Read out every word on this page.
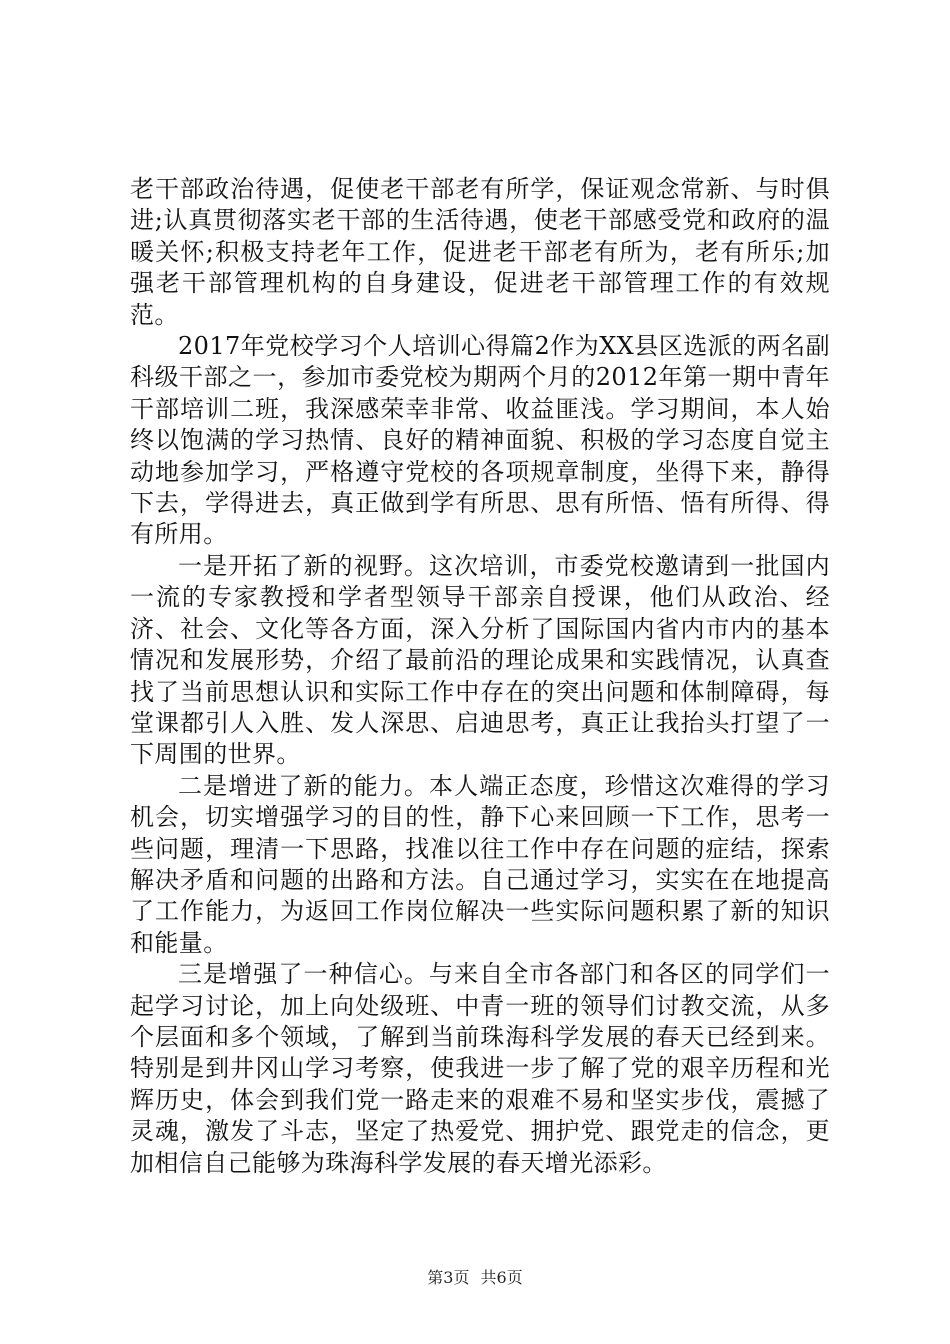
老干部政治待遇，促使老干部老有所学，保证观念常新、与时俱进;认真贯彻落实老干部的生活待遇，使老干部感受党和政府的温暖关怀;积极支持老年工作，促进老干部老有所为，老有所乐;加强老干部管理机构的自身建设，促进老干部管理工作的有效规范。

2017年党校学习个人培训心得篇2作为XX县区选派的两名副科级干部之一，参加市委党校为期两个月的2012年第一期中青年干部培训二班，我深感荣幸非常、收益匪浅。学习期间，本人始终以饱满的学习热情、良好的精神面貌、积极的学习态度自觉主动地参加学习，严格遵守党校的各项规章制度，坐得下来，静得下去，学得进去，真正做到学有所思、思有所悟、悟有所得、得有所用。

一是开拓了新的视野。这次培训，市委党校邀请到一批国内一流的专家教授和学者型领导干部亲自授课，他们从政治、经济、社会、文化等各方面，深入分析了国际国内省内市内的基本情况和发展形势，介绍了最前沿的理论成果和实践情况，认真查找了当前思想认识和实际工作中存在的突出问题和体制障碍，每堂课都引人入胜、发人深思、启迪思考，真正让我抬头打望了一下周围的世界。

二是增进了新的能力。本人端正态度，珍惜这次难得的学习机会，切实增强学习的目的性，静下心来回顾一下工作，思考一些问题，理清一下思路，找准以往工作中存在问题的症结，探索解决矛盾和问题的出路和方法。自己通过学习，实实在在地提高了工作能力，为返回工作岗位解决一些实际问题积累了新的知识和能量。

三是增强了一种信心。与来自全市各部门和各区的同学们一起学习讨论，加上向处级班、中青一班的领导们讨教交流，从多个层面和多个领域，了解到当前珠海科学发展的春天已经到来。特别是到井冈山学习考察，使我进一步了解了党的艰辛历程和光辉历史，体会到我们党一路走来的艰难不易和坚实步伐，震撼了灵魂，激发了斗志，坚定了热爱党、拥护党、跟党走的信念，更加相信自己能够为珠海科学发展的春天增光添彩。

第3页 共6页
